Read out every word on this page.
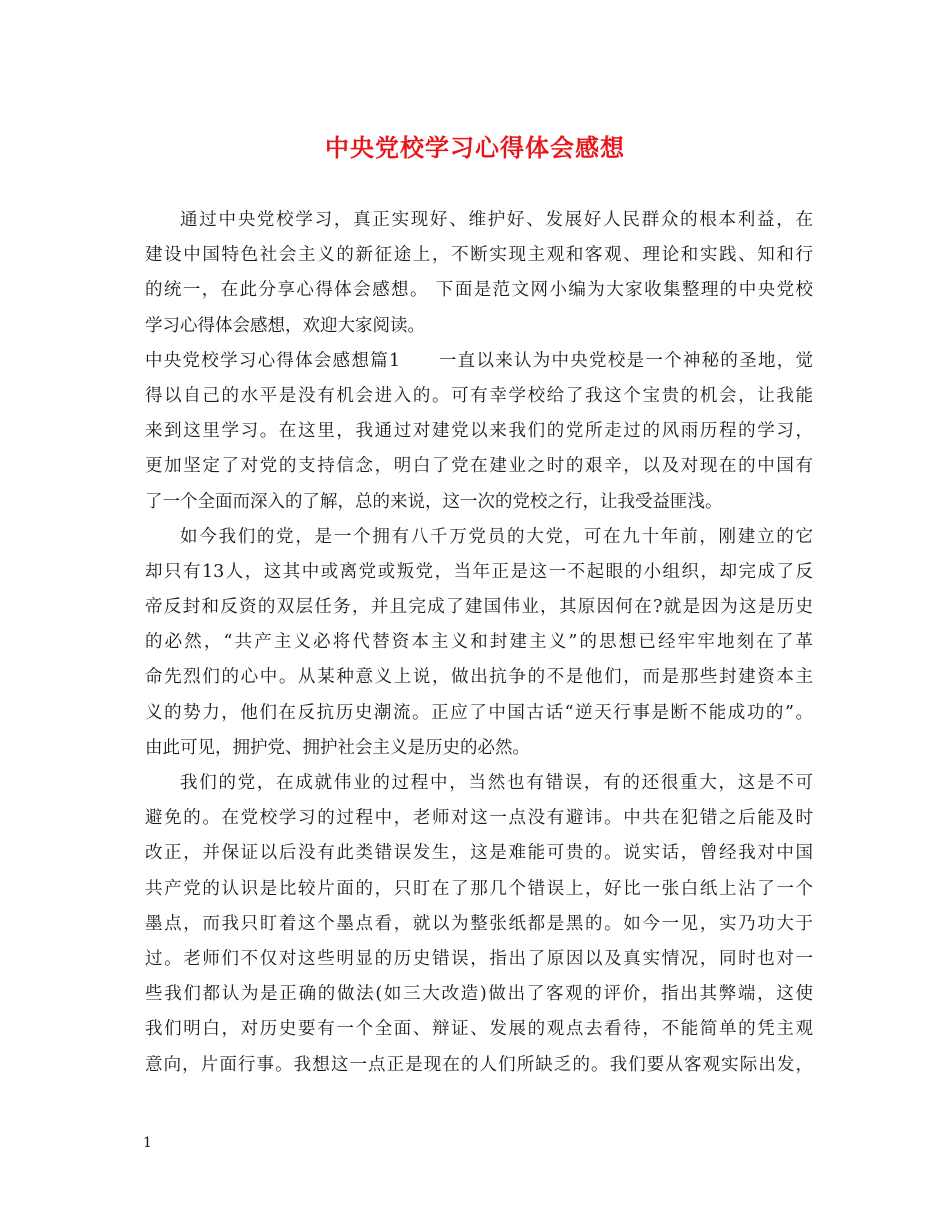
中央党校学习心得体会感想
通过中央党校学习，真正实现好、维护好、发展好人民群众的根本利益，在
建设中国特色社会主义的新征途上，不断实现主观和客观、理论和实践、知和行
的统一，在此分享心得体会感想。 下面是范文网小编为大家收集整理的中央党校
学习心得体会感想，欢迎大家阅读。
中央党校学习心得体会感想篇1　　一直以来认为中央党校是一个神秘的圣地，觉
得以自己的水平是没有机会进入的。可有幸学校给了我这个宝贵的机会，让我能
来到这里学习。在这里，我通过对建党以来我们的党所走过的风雨历程的学习，
更加坚定了对党的支持信念，明白了党在建业之时的艰辛，以及对现在的中国有
了一个全面而深入的了解，总的来说，这一次的党校之行，让我受益匪浅。
如今我们的党，是一个拥有八千万党员的大党，可在九十年前，刚建立的它
却只有13人，这其中或离党或叛党，当年正是这一不起眼的小组织，却完成了反
帝反封和反资的双层任务，并且完成了建国伟业，其原因何在?就是因为这是历史
的必然，“共产主义必将代替资本主义和封建主义”的思想已经牢牢地刻在了革
命先烈们的心中。从某种意义上说，做出抗争的不是他们，而是那些封建资本主
义的势力，他们在反抗历史潮流。正应了中国古话“逆天行事是断不能成功的”。
由此可见，拥护党、拥护社会主义是历史的必然。
我们的党，在成就伟业的过程中，当然也有错误，有的还很重大，这是不可
避免的。在党校学习的过程中，老师对这一点没有避讳。中共在犯错之后能及时
改正，并保证以后没有此类错误发生，这是难能可贵的。说实话，曾经我对中国
共产党的认识是比较片面的，只盯在了那几个错误上，好比一张白纸上沾了一个
墨点，而我只盯着这个墨点看，就以为整张纸都是黑的。如今一见，实乃功大于
过。老师们不仅对这些明显的历史错误，指出了原因以及真实情况，同时也对一
些我们都认为是正确的做法(如三大改造)做出了客观的评价，指出其弊端，这使
我们明白，对历史要有一个全面、辩证、发展的观点去看待，不能简单的凭主观
意向，片面行事。我想这一点正是现在的人们所缺乏的。我们要从客观实际出发，
1
